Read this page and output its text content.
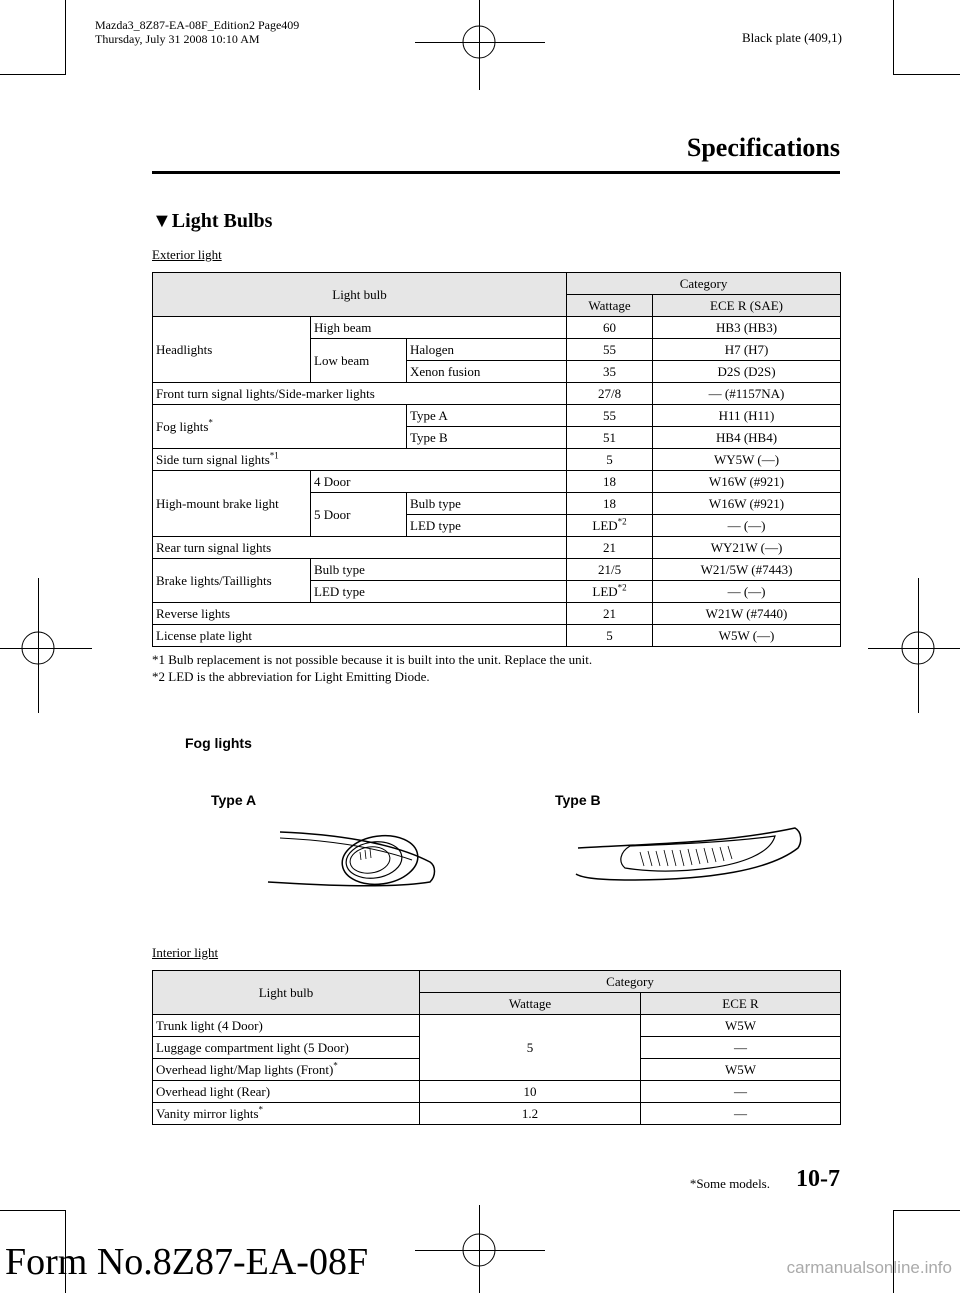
Mazda3_8Z87-EA-08F_Edition2 Page409
Thursday, July 31 2008 10:10 AM	Black plate (409,1)
Specifications
▼Light Bulbs
Exterior light
Light bulb			Category	
			Wattage	ECE R (SAE)
Headlights	High beam		60	HB3 (HB3)
	Low beam	Halogen	55	H7 (H7)
		Xenon fusion	35	D2S (D2S)
Front turn signal lights/Side-marker lights			27/8	― (#1157NA)
Fog lights*		Type A	55	H11 (H11)
		Type B	51	HB4 (HB4)
Side turn signal lights$^{*1}$			5	WY5W (―)
High-mount brake light	4 Door		18	W16W (#921)
	5 Door	Bulb type	18	W16W (#921)
		LED type	LED$^{*2}$	― (―)
Rear turn signal lights			21	WY21W (―)
Brake lights/Taillights	Bulb type		21/5	W21/5W (#7443)
	LED type		LED$^{*2}$	― (―)
Reverse lights			21	W21W (#7440)
License plate light			5	W5W (―)
*1 Bulb replacement is not possible because it is built into the unit. Replace the unit.
*2 LED is the abbreviation for Light Emitting Diode.
Fog lights
Type A	Type B
Interior light
Light bulb	Category	
	Wattage	ECE R
Trunk light (4 Door)	5	W5W
Luggage compartment light (5 Door)		―
Overhead light/Map lights (Front)*		W5W
Overhead light (Rear)	10	―
Vanity mirror lights*	1.2	―
*Some models. 10-7
Form No.8Z87-EA-08F	carmanualsonline.info
